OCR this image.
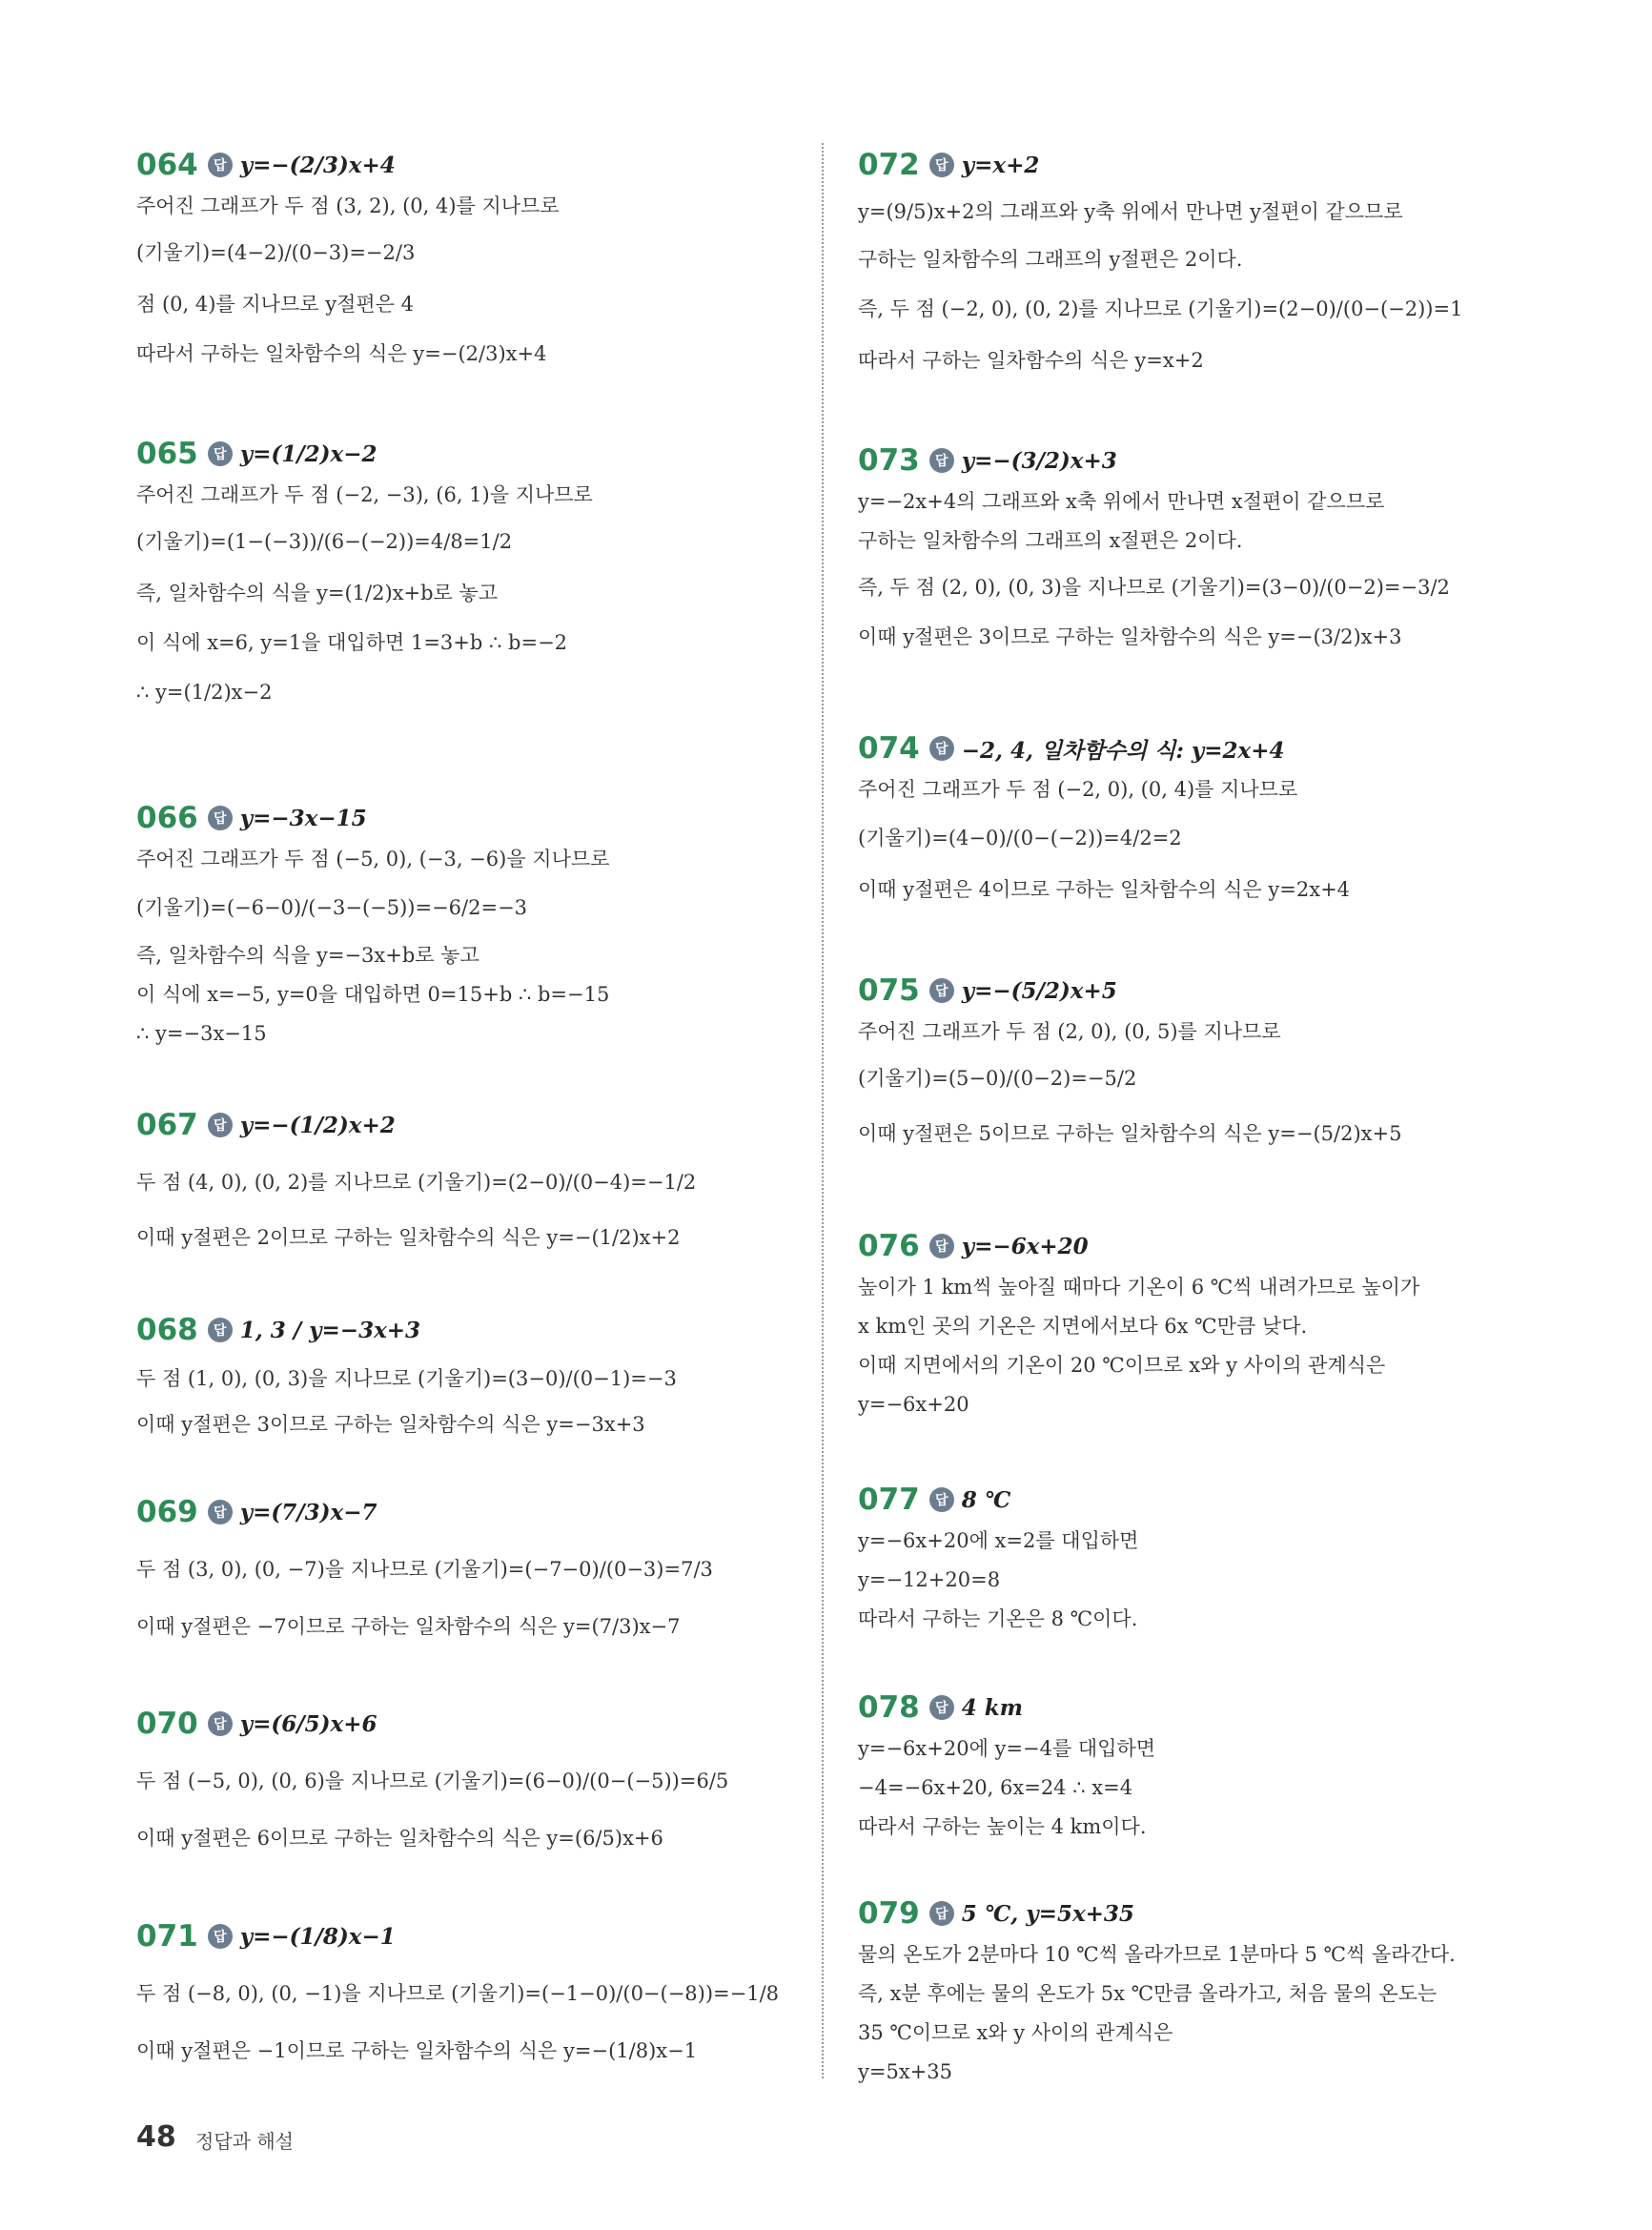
064	답 y=−(2/3)x+4
주어진 그래프가 두 점 (3, 2), (0, 4)를 지나므로
(기울기)=(4−2)/(0−3)=−2/3
점 (0, 4)를 지나므로 y절편은 4
따라서 구하는 일차함수의 식은 y=−(2/3)x+4
065	답 y=(1/2)x−2
주어진 그래프가 두 점 (−2, −3), (6, 1)을 지나므로
(기울기)=(1−(−3))/(6−(−2))=4/8=1/2
즉, 일차함수의 식을 y=(1/2)x+b로 놓고
이 식에 x=6, y=1을 대입하면 1=3+b ∴ b=−2
∴ y=(1/2)x−2
066	답 y=−3x−15
주어진 그래프가 두 점 (−5, 0), (−3, −6)을 지나므로
(기울기)=(−6−0)/(−3−(−5))=−6/2=−3
즉, 일차함수의 식을 y=−3x+b로 놓고
이 식에 x=−5, y=0을 대입하면 0=15+b ∴ b=−15
∴ y=−3x−15
067	답 y=−(1/2)x+2
두 점 (4, 0), (0, 2)를 지나므로 (기울기)=(2−0)/(0−4)=−1/2
이때 y절편은 2이므로 구하는 일차함수의 식은 y=−(1/2)x+2
068	답 1, 3 / y=−3x+3
두 점 (1, 0), (0, 3)을 지나므로 (기울기)=(3−0)/(0−1)=−3
이때 y절편은 3이므로 구하는 일차함수의 식은 y=−3x+3
069	답 y=(7/3)x−7
두 점 (3, 0), (0, −7)을 지나므로 (기울기)=(−7−0)/(0−3)=7/3
이때 y절편은 −7이므로 구하는 일차함수의 식은 y=(7/3)x−7
070	답 y=(6/5)x+6
두 점 (−5, 0), (0, 6)을 지나므로 (기울기)=(6−0)/(0−(−5))=6/5
이때 y절편은 6이므로 구하는 일차함수의 식은 y=(6/5)x+6
071	답 y=−(1/8)x−1
두 점 (−8, 0), (0, −1)을 지나므로 (기울기)=(−1−0)/(0−(−8))=−1/8
이때 y절편은 −1이므로 구하는 일차함수의 식은 y=−(1/8)x−1
072	답 y=x+2
y=(9/5)x+2의 그래프와 y축 위에서 만나면 y절편이 같으므로
구하는 일차함수의 그래프의 y절편은 2이다.
즉, 두 점 (−2, 0), (0, 2)를 지나므로 (기울기)=(2−0)/(0−(−2))=1
따라서 구하는 일차함수의 식은 y=x+2
073	답 y=−(3/2)x+3
y=−2x+4의 그래프와 x축 위에서 만나면 x절편이 같으므로
구하는 일차함수의 그래프의 x절편은 2이다.
즉, 두 점 (2, 0), (0, 3)을 지나므로 (기울기)=(3−0)/(0−2)=−3/2
이때 y절편은 3이므로 구하는 일차함수의 식은 y=−(3/2)x+3
074	답 −2, 4, 일차함수의 식: y=2x+4
주어진 그래프가 두 점 (−2, 0), (0, 4)를 지나므로
(기울기)=(4−0)/(0−(−2))=4/2=2
이때 y절편은 4이므로 구하는 일차함수의 식은 y=2x+4
075	답 y=−(5/2)x+5
주어진 그래프가 두 점 (2, 0), (0, 5)를 지나므로
(기울기)=(5−0)/(0−2)=−5/2
이때 y절편은 5이므로 구하는 일차함수의 식은 y=−(5/2)x+5
076	답 y=−6x+20
높이가 1 km씩 높아질 때마다 기온이 6 ℃씩 내려가므로 높이가
x km인 곳의 기온은 지면에서보다 6x ℃만큼 낮다.
이때 지면에서의 기온이 20 ℃이므로 x와 y 사이의 관계식은
y=−6x+20
077	답 8 ℃
y=−6x+20에 x=2를 대입하면
y=−12+20=8
따라서 구하는 기온은 8 ℃이다.
078	답 4 km
y=−6x+20에 y=−4를 대입하면
−4=−6x+20, 6x=24 ∴ x=4
따라서 구하는 높이는 4 km이다.
079	답 5 ℃, y=5x+35
물의 온도가 2분마다 10 ℃씩 올라가므로 1분마다 5 ℃씩 올라간다.
즉, x분 후에는 물의 온도가 5x ℃만큼 올라가고, 처음 물의 온도는
35 ℃이므로 x와 y 사이의 관계식은
y=5x+35
48 정답과 해설
